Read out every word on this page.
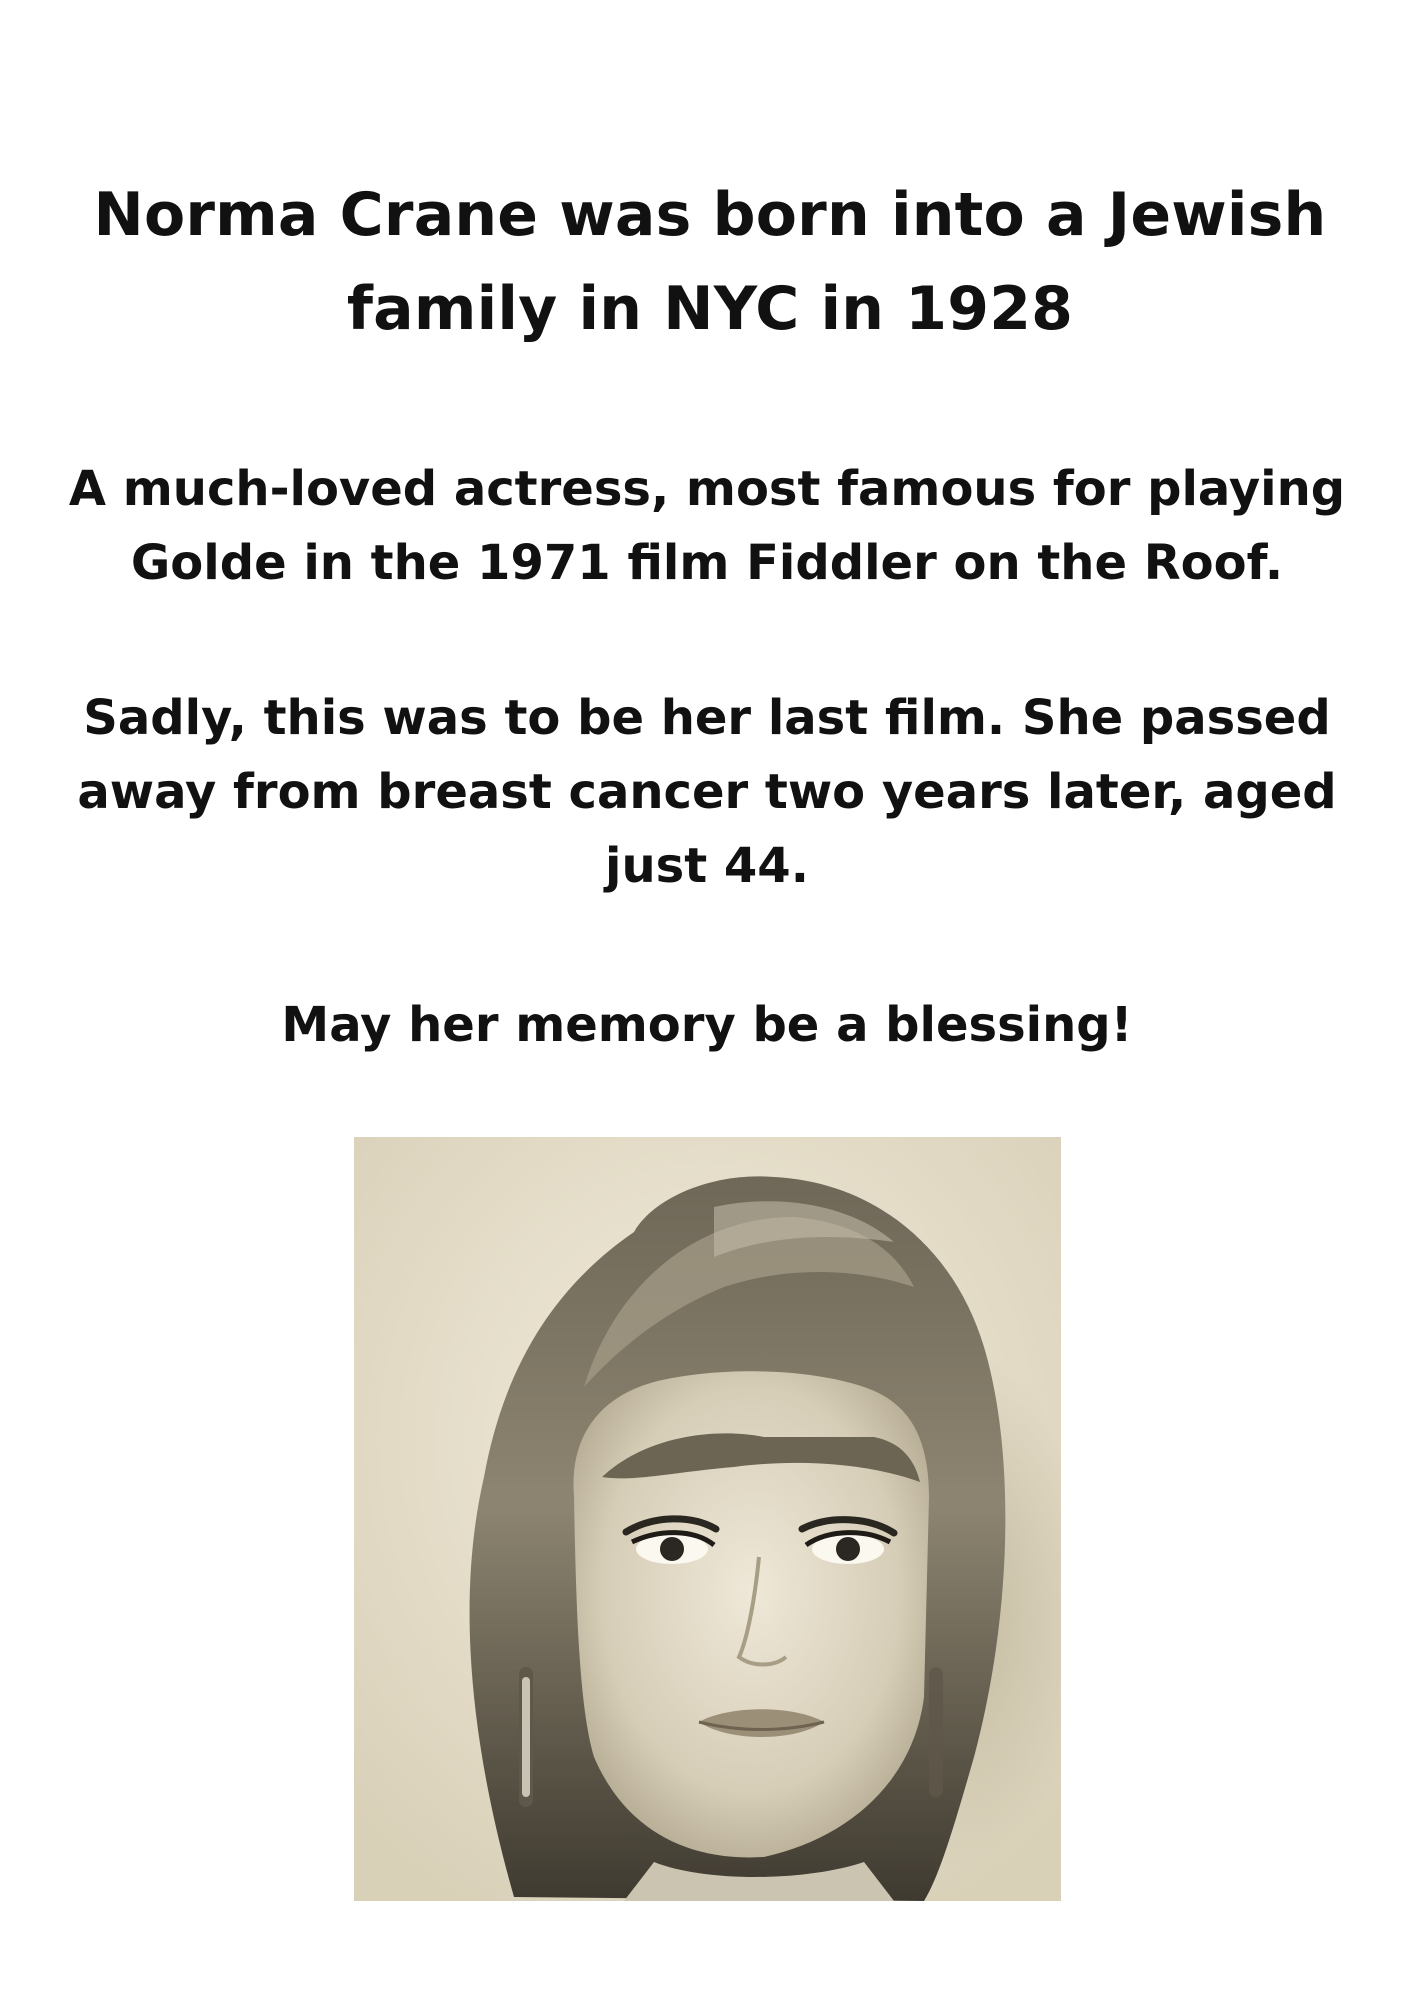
Norma Crane was born into a Jewish
family in NYC in 1928

A much-loved actress, most famous for playing
Golde in the 1971 film Fiddler on the Roof.

Sadly, this was to be her last film. She passed
away from breast cancer two years later, aged
just 44.

May her memory be a blessing!
